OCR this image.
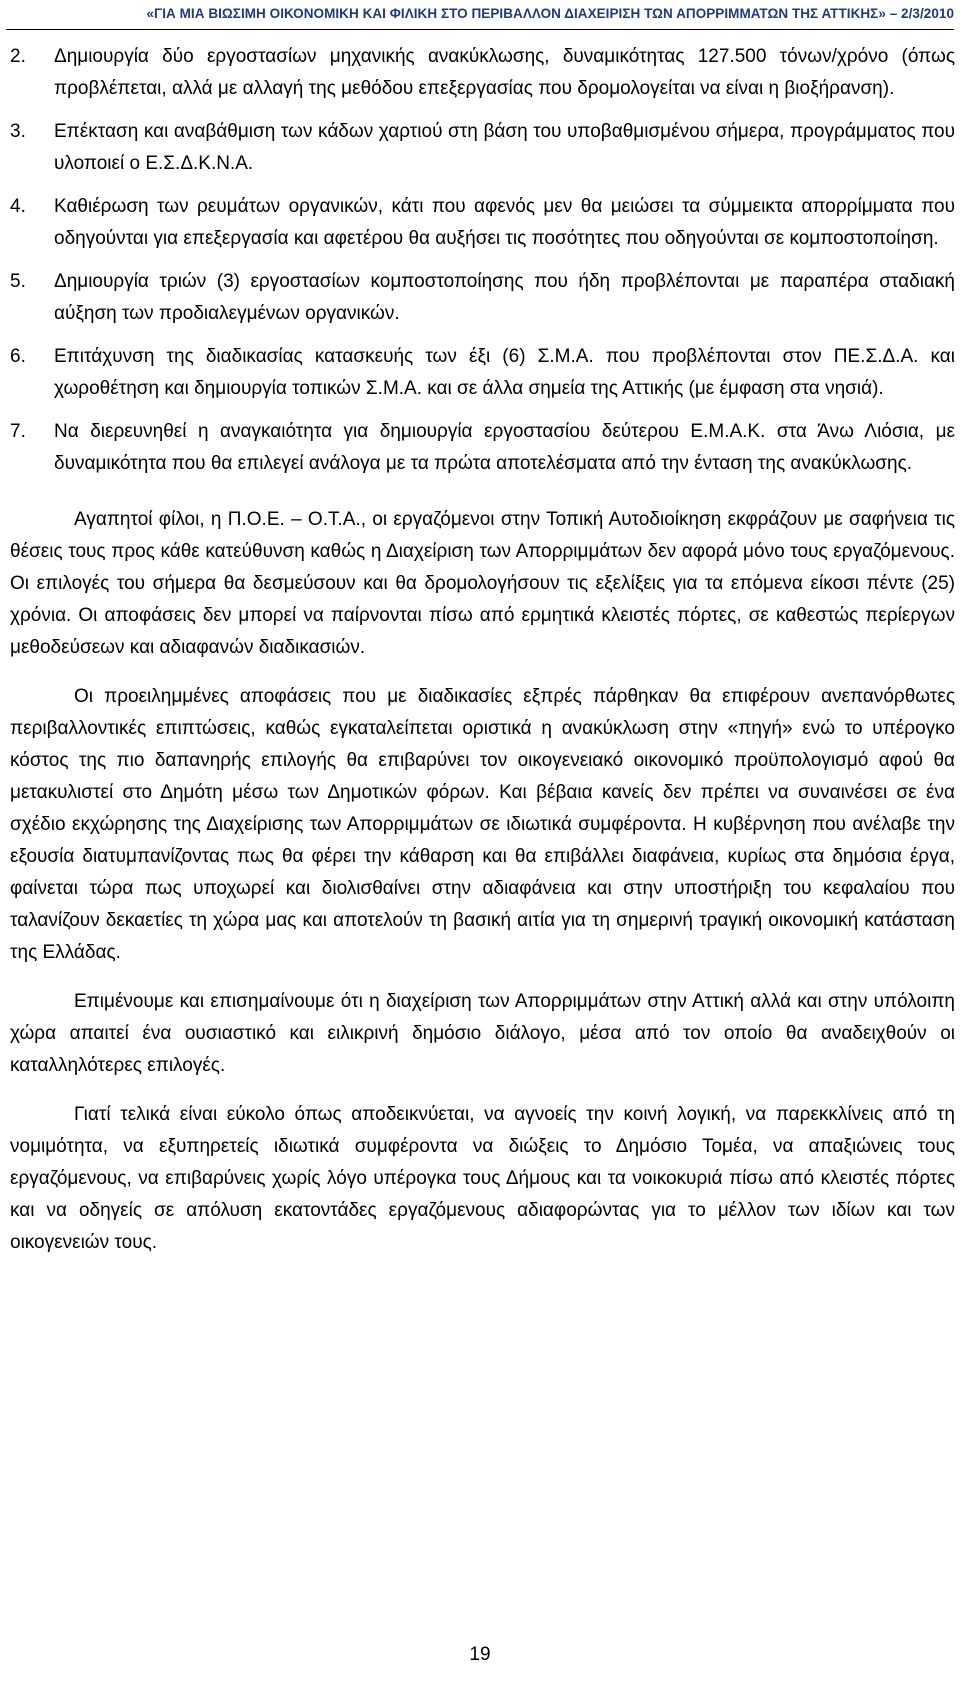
«ΓΙΑ ΜΙΑ ΒΙΩΣΙΜΗ ΟΙΚΟΝΟΜΙΚΗ ΚΑΙ ΦΙΛΙΚΗ ΣΤΟ ΠΕΡΙΒΑΛΛΟΝ ΔΙΑΧΕΙΡΙΣΗ ΤΩΝ ΑΠΟΡΡΙΜΜΑΤΩΝ ΤΗΣ ΑΤΤΙΚΗΣ» – 2/3/2010
2. Δημιουργία δύο εργοστασίων μηχανικής ανακύκλωσης, δυναμικότητας 127.500 τόνων/χρόνο (όπως προβλέπεται, αλλά με αλλαγή της μεθόδου επεξεργασίας που δρομολογείται να είναι η βιοξήρανση).
3. Επέκταση και αναβάθμιση των κάδων χαρτιού στη βάση του υποβαθμισμένου σήμερα, προγράμματος που υλοποιεί ο Ε.Σ.Δ.Κ.Ν.Α.
4. Καθιέρωση των ρευμάτων οργανικών, κάτι που αφενός μεν θα μειώσει τα σύμμεικτα απορρίμματα που οδηγούνται για επεξεργασία και αφετέρου θα αυξήσει τις ποσότητες που οδηγούνται σε κομποστοποίηση.
5. Δημιουργία τριών (3) εργοστασίων κομποστοποίησης που ήδη προβλέπονται με παραπέρα σταδιακή αύξηση των προδιαλεγμένων οργανικών.
6. Επιτάχυνση της διαδικασίας κατασκευής των έξι (6) Σ.Μ.Α. που προβλέπονται στον ΠΕ.Σ.Δ.Α. και χωροθέτηση και δημιουργία τοπικών Σ.Μ.Α. και σε άλλα σημεία της Αττικής (με έμφαση στα νησιά).
7. Να διερευνηθεί η αναγκαιότητα για δημιουργία εργοστασίου δεύτερου Ε.Μ.Α.Κ. στα Άνω Λιόσια, με δυναμικότητα που θα επιλεγεί ανάλογα με τα πρώτα αποτελέσματα από την ένταση της ανακύκλωσης.

Αγαπητοί φίλοι, η Π.Ο.Ε. – Ο.Τ.Α., οι εργαζόμενοι στην Τοπική Αυτοδιοίκηση εκφράζουν με σαφήνεια τις θέσεις τους προς κάθε κατεύθυνση καθώς η Διαχείριση των Απορριμμάτων δεν αφορά μόνο τους εργαζόμενους. Οι επιλογές του σήμερα θα δεσμεύσουν και θα δρομολογήσουν τις εξελίξεις για τα επόμενα είκοσι πέντε (25) χρόνια. Οι αποφάσεις δεν μπορεί να παίρνονται πίσω από ερμητικά κλειστές πόρτες, σε καθεστώς περίεργων μεθοδεύσεων και αδιαφανών διαδικασιών.

Οι προειλημμένες αποφάσεις που με διαδικασίες εξπρές πάρθηκαν θα επιφέρουν ανεπανόρθωτες περιβαλλοντικές επιπτώσεις, καθώς εγκαταλείπεται οριστικά η ανακύκλωση στην «πηγή» ενώ το υπέρογκο κόστος της πιο δαπανηρής επιλογής θα επιβαρύνει τον οικογενειακό οικονομικό προϋπολογισμό αφού θα μετακυλιστεί στο Δημότη μέσω των Δημοτικών φόρων. Και βέβαια κανείς δεν πρέπει να συναινέσει σε ένα σχέδιο εκχώρησης της Διαχείρισης των Απορριμμάτων σε ιδιωτικά συμφέροντα. Η κυβέρνηση που ανέλαβε την εξουσία διατυμπανίζοντας πως θα φέρει την κάθαρση και θα επιβάλλει διαφάνεια, κυρίως στα δημόσια έργα, φαίνεται τώρα πως υποχωρεί και διολισθαίνει στην αδιαφάνεια και στην υποστήριξη του κεφαλαίου που ταλανίζουν δεκαετίες τη χώρα μας και αποτελούν τη βασική αιτία για τη σημερινή τραγική οικονομική κατάσταση της Ελλάδας.

Επιμένουμε και επισημαίνουμε ότι η διαχείριση των Απορριμμάτων στην Αττική αλλά και στην υπόλοιπη χώρα απαιτεί ένα ουσιαστικό και ειλικρινή δημόσιο διάλογο, μέσα από τον οποίο θα αναδειχθούν οι καταλληλότερες επιλογές.

Γιατί τελικά είναι εύκολο όπως αποδεικνύεται, να αγνοείς την κοινή λογική, να παρεκκλίνεις από τη νομιμότητα, να εξυπηρετείς ιδιωτικά συμφέροντα να διώξεις το Δημόσιο Τομέα, να απαξιώνεις τους εργαζόμενους, να επιβαρύνεις χωρίς λόγο υπέρογκα τους Δήμους και τα νοικοκυριά πίσω από κλειστές πόρτες και να οδηγείς σε απόλυση εκατοντάδες εργαζόμενους αδιαφορώντας για το μέλλον των ιδίων και των οικογενειών τους.

19
